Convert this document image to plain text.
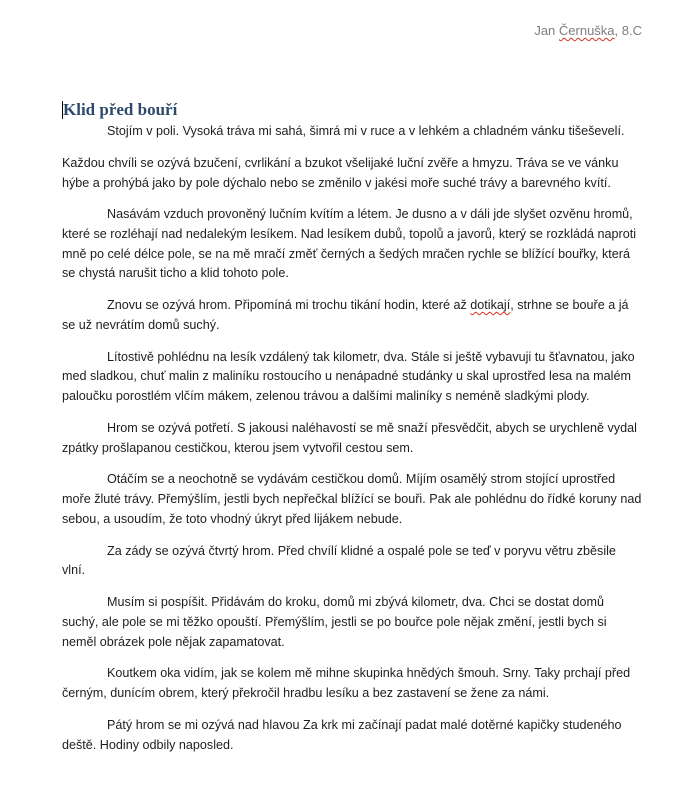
Jan Černuška, 8.C
Klid před bouří

Stojím v poli. Vysoká tráva mi sahá, šimrá mi v ruce a v lehkém a chladném vánku tišeševelí.

Každou chvíli se ozývá bzučení, cvrlikání a bzukot všelijaké luční zvěře a hmyzu. Tráva se ve vánku hýbe a prohýbá jako by pole dýchalo nebo se změnilo v jakési moře suché trávy a barevného kvítí.

Nasávám vzduch provoněný lučním kvítím a létem. Je dusno a v dáli jde slyšet ozvěnu hromů, které se rozléhají nad nedalekým lesíkem. Nad lesíkem dubů, topolů a javorů, který se rozkládá naproti mně po celé délce pole, se na mě mračí změť černých a šedých mračen rychle se blížící bouřky, která se chystá narušit ticho a klid tohoto pole.

Znovu se ozývá hrom. Připomíná mi trochu tikání hodin, které až dotikají, strhne se bouře a já se už nevrátím domů suchý.

Lítostivě pohlédnu na lesík vzdálený tak kilometr, dva. Stále si ještě vybavuji tu šťavnatou, jako med sladkou, chuť malin z maliníku rostoucího u nenápadné studánky u skal uprostřed lesa na malém paloučku porostlém vlčím mákem, zelenou trávou a dalšími maliníky s neméně sladkými plody.

Hrom se ozývá potřetí. S jakousi naléhavostí se mě snaží přesvědčit, abych se urychleně vydal zpátky prošlapanou cestičkou, kterou jsem vytvořil cestou sem.

Otáčím se a neochotně se vydávám cestičkou domů. Míjím osamělý strom stojící uprostřed moře žluté trávy. Přemýšlím, jestli bych nepřečkal blížící se bouři. Pak ale pohlédnu do řídké koruny nad sebou, a usoudím, že toto vhodný úkryt před lijákem nebude.

Za zády se ozývá čtvrtý hrom. Před chvílí klidné a ospalé pole se teď v poryvu větru zběsile vlní.

Musím si pospíšit. Přidávám do kroku, domů mi zbývá kilometr, dva. Chci se dostat domů suchý, ale pole se mi těžko opouští. Přemýšlím, jestli se po bouřce pole nějak změní, jestli bych si neměl obrázek pole nějak zapamatovat.

Koutkem oka vidím, jak se kolem mě mihne skupinka hnědých šmouh. Srny. Taky prchají před černým, dunícím obrem, který překročil hradbu lesíku a bez zastavení se žene za námi.

Pátý hrom se mi ozývá nad hlavou Za krk mi začínají padat malé dotěrné kapičky studeného deště. Hodiny odbily naposled.
